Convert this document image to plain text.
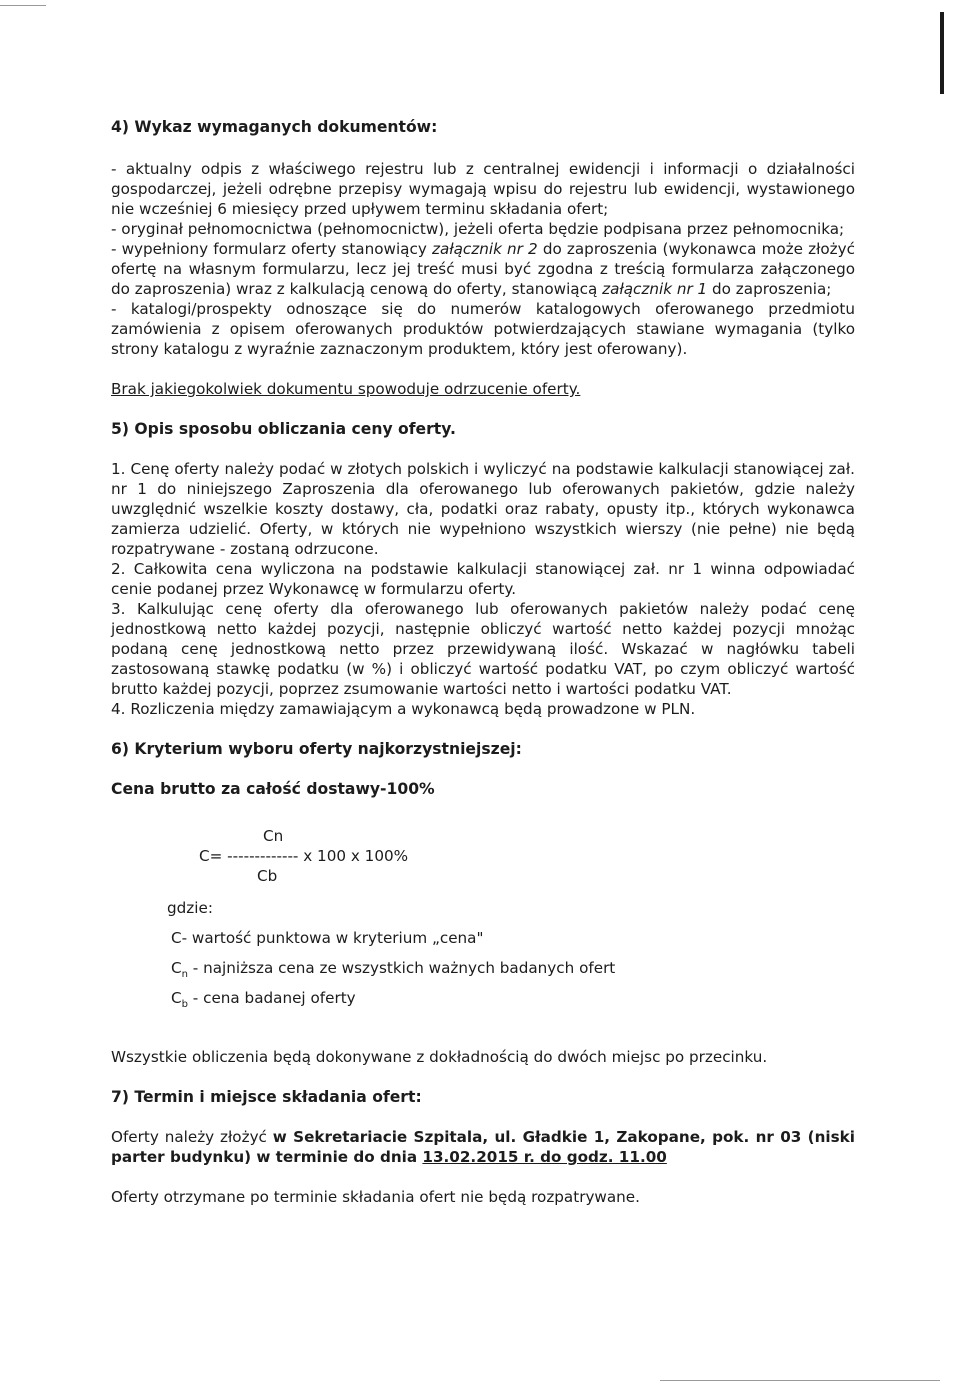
4) Wykaz wymaganych dokumentów:

- aktualny odpis z właściwego rejestru lub z centralnej ewidencji i informacji o działalności gospodarczej, jeżeli odrębne przepisy wymagają wpisu do rejestru lub ewidencji, wystawionego nie wcześniej 6 miesięcy przed upływem terminu składania ofert;

- oryginał pełnomocnictwa (pełnomocnictw), jeżeli oferta będzie podpisana przez pełnomocnika;

- wypełniony formularz oferty stanowiący załącznik nr 2 do zaproszenia (wykonawca może złożyć ofertę na własnym formularzu, lecz jej treść musi być zgodna z treścią formularza załączonego do zaproszenia) wraz z kalkulacją cenową do oferty, stanowiącą załącznik nr 1 do zaproszenia;

- katalogi/prospekty odnoszące się do numerów katalogowych oferowanego przedmiotu zamówienia z opisem oferowanych produktów potwierdzających stawiane wymagania (tylko strony katalogu z wyraźnie zaznaczonym produktem, który jest oferowany).

Brak jakiegokolwiek dokumentu spowoduje odrzucenie oferty.

5) Opis sposobu obliczania ceny oferty.

1. Cenę oferty należy podać w złotych polskich i wyliczyć na podstawie kalkulacji stanowiącej zał. nr 1 do niniejszego Zaproszenia dla oferowanego lub oferowanych pakietów, gdzie należy uwzględnić wszelkie koszty dostawy, cła, podatki oraz rabaty, opusty itp., których wykonawca zamierza udzielić. Oferty, w których nie wypełniono wszystkich wierszy (nie pełne) nie będą rozpatrywane - zostaną odrzucone.

2. Całkowita cena wyliczona na podstawie kalkulacji stanowiącej zał. nr 1 winna odpowiadać cenie podanej przez Wykonawcę w formularzu oferty.

3. Kalkulując cenę oferty dla oferowanego lub oferowanych pakietów należy podać cenę jednostkową netto każdej pozycji, następnie obliczyć wartość netto każdej pozycji mnożąc podaną cenę jednostkową netto przez przewidywaną ilość. Wskazać w nagłówku tabeli zastosowaną stawkę podatku (w %) i obliczyć wartość podatku VAT, po czym obliczyć wartość brutto każdej pozycji, poprzez zsumowanie wartości netto i wartości podatku VAT.

4. Rozliczenia między zamawiającym a wykonawcą będą prowadzone w PLN.

6) Kryterium wyboru oferty najkorzystniejszej:

Cena brutto za całość dostawy-100%

Cn
C= ------------- x 100 x 100%
Cb

gdzie:

C- wartość punktowa w kryterium „cena"

$C_n$ - najniższa cena ze wszystkich ważnych badanych ofert

$C_b$ - cena badanej oferty

Wszystkie obliczenia będą dokonywane z dokładnością do dwóch miejsc po przecinku.

7) Termin i miejsce składania ofert:

Oferty należy złożyć w Sekretariacie Szpitala, ul. Gładkie 1, Zakopane, pok. nr 03 (niski parter budynku) w terminie do dnia 13.02.2015 r. do godz. 11.00

Oferty otrzymane po terminie składania ofert nie będą rozpatrywane.
